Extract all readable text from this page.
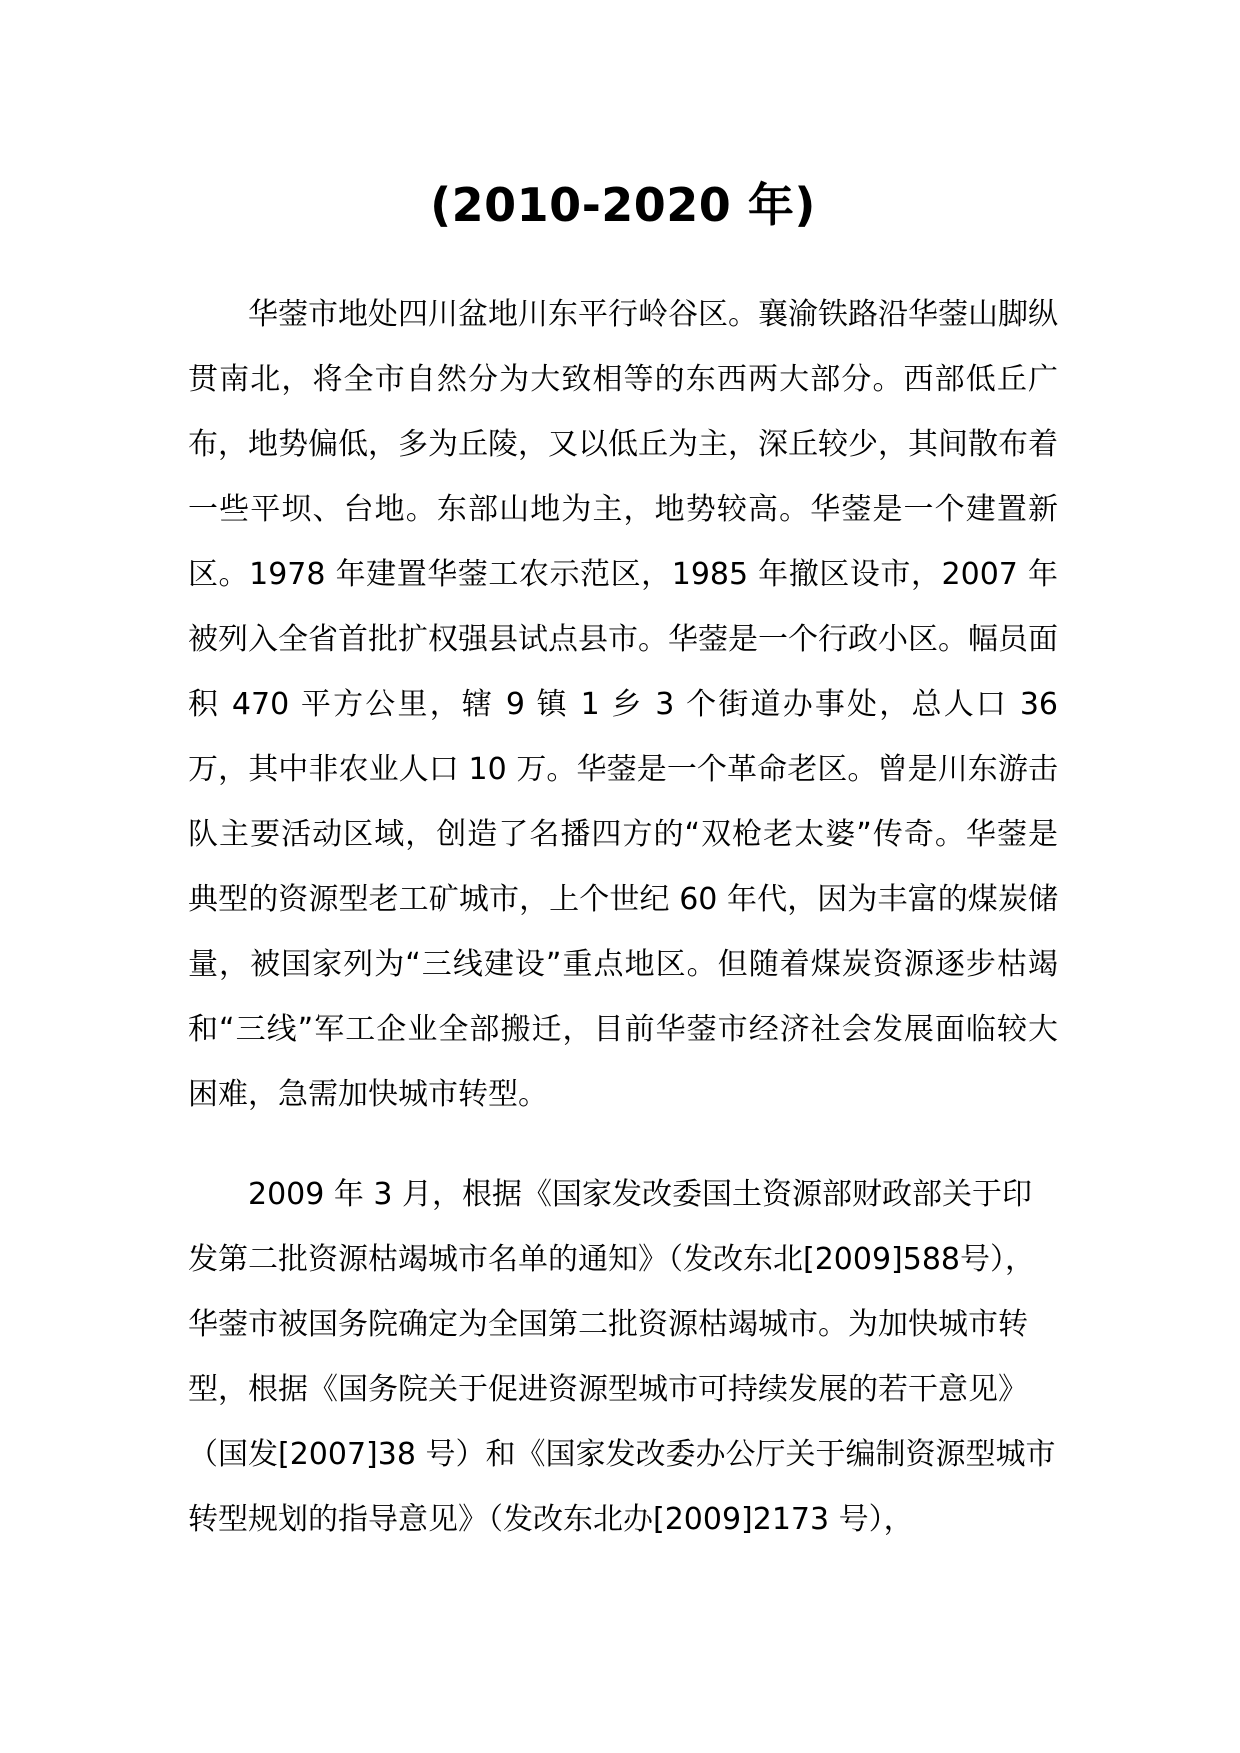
(2010-2020 年)

华蓥市地处四川盆地川东平行岭谷区。襄渝铁路沿华蓥山脚纵贯南北，将全市自然分为大致相等的东西两大部分。西部低丘广布，地势偏低，多为丘陵，又以低丘为主，深丘较少，其间散布着一些平坝、台地。东部山地为主，地势较高。华蓥是一个建置新区。1978 年建置华蓥工农示范区，1985 年撤区设市，2007 年被列入全省首批扩权强县试点县市。华蓥是一个行政小区。幅员面积 470 平方公里，辖 9 镇 1 乡 3 个街道办事处，总人口 36 万，其中非农业人口 10 万。华蓥是一个革命老区。曾是川东游击队主要活动区域，创造了名播四方的“双枪老太婆”传奇。华蓥是典型的资源型老工矿城市，上个世纪 60 年代，因为丰富的煤炭储量，被国家列为“三线建设”重点地区。但随着煤炭资源逐步枯竭和“三线”军工企业全部搬迁，目前华蓥市经济社会发展面临较大困难，急需加快城市转型。

2009 年 3 月，根据《国家发改委国土资源部财政部关于印发第二批资源枯竭城市名单的通知》（发改东北[2009]588号），华蓥市被国务院确定为全国第二批资源枯竭城市。为加快城市转型，根据《国务院关于促进资源型城市可持续发展的若干意见》（国发[2007]38 号）和《国家发改委办公厅关于编制资源型城市转型规划的指导意见》（发改东北办[2009]2173 号），
